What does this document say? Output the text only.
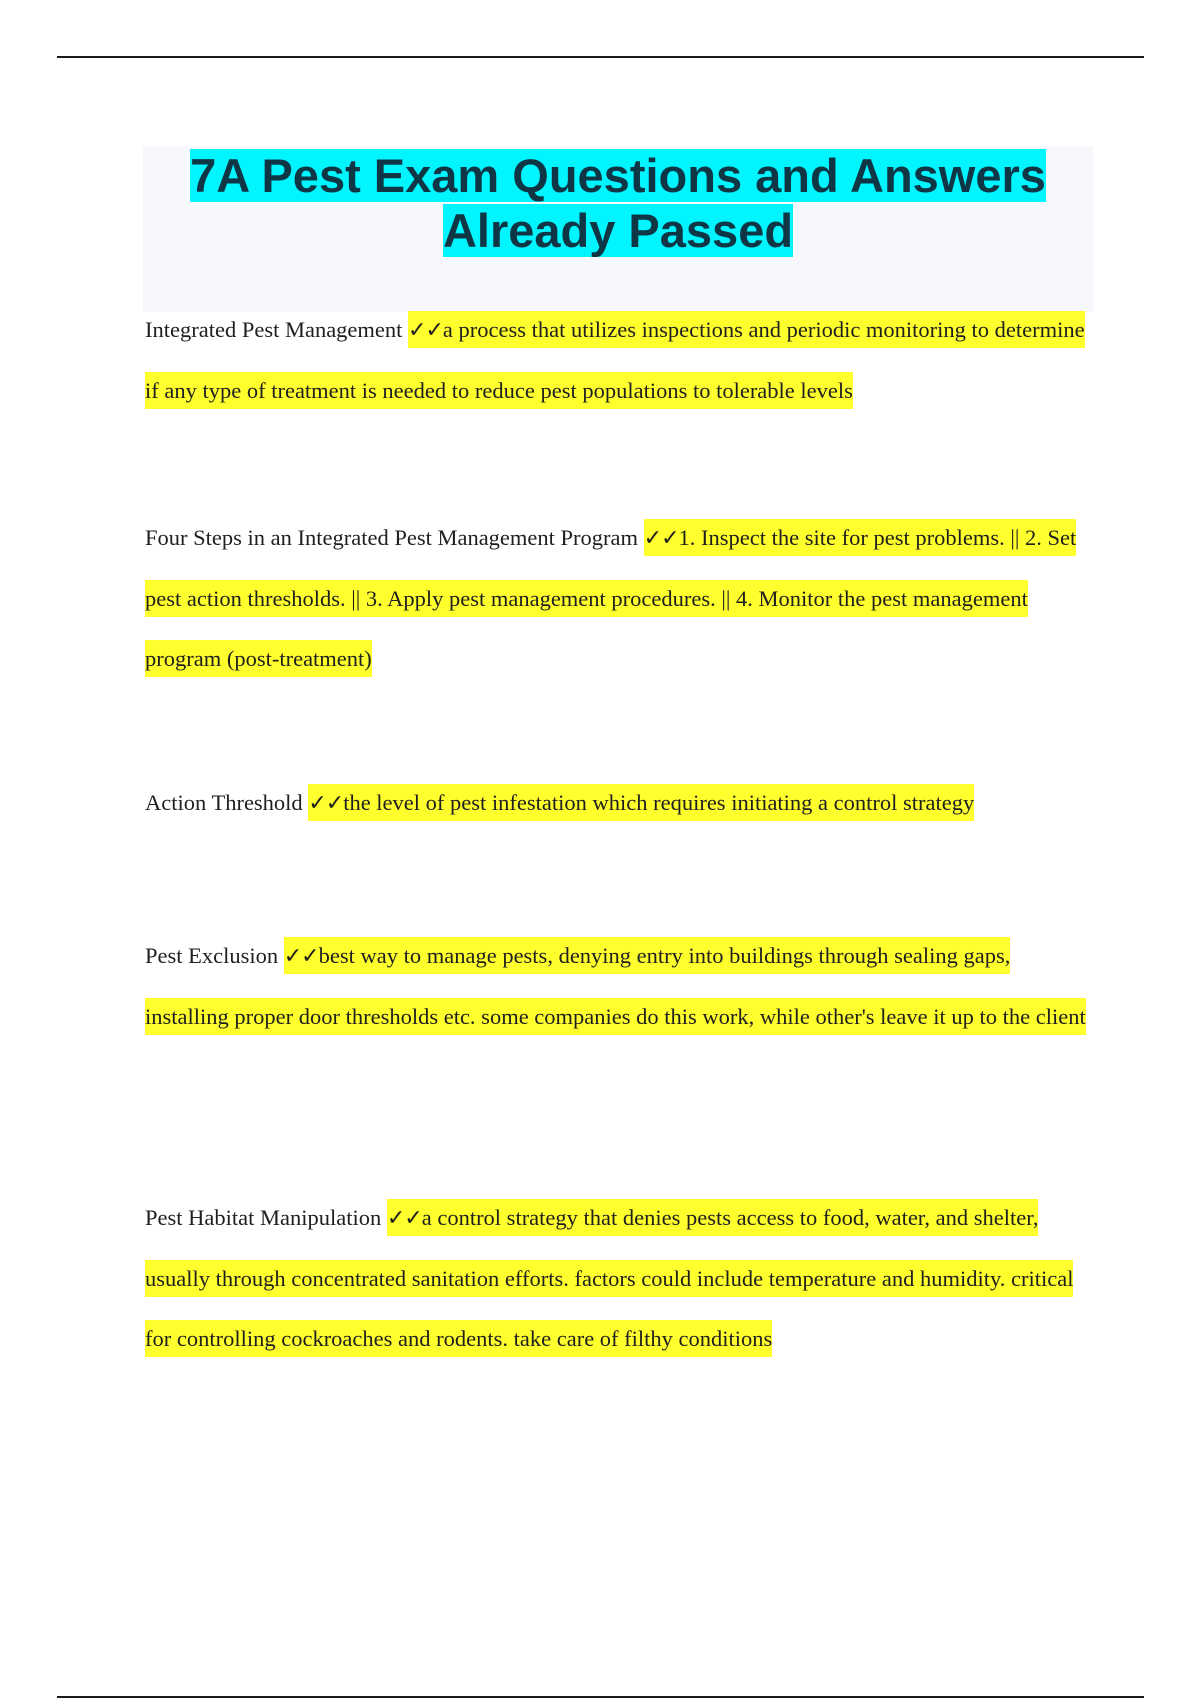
7A Pest Exam Questions and Answers Already Passed

Integrated Pest Management ✓✓a process that utilizes inspections and periodic monitoring to determine if any type of treatment is needed to reduce pest populations to tolerable levels

Four Steps in an Integrated Pest Management Program ✓✓1. Inspect the site for pest problems. || 2. Set pest action thresholds. || 3. Apply pest management procedures. || 4. Monitor the pest management program (post-treatment)

Action Threshold ✓✓the level of pest infestation which requires initiating a control strategy

Pest Exclusion ✓✓best way to manage pests, denying entry into buildings through sealing gaps, installing proper door thresholds etc. some companies do this work, while other's leave it up to the client

Pest Habitat Manipulation ✓✓a control strategy that denies pests access to food, water, and shelter, usually through concentrated sanitation efforts. factors could include temperature and humidity. critical for controlling cockroaches and rodents. take care of filthy conditions
